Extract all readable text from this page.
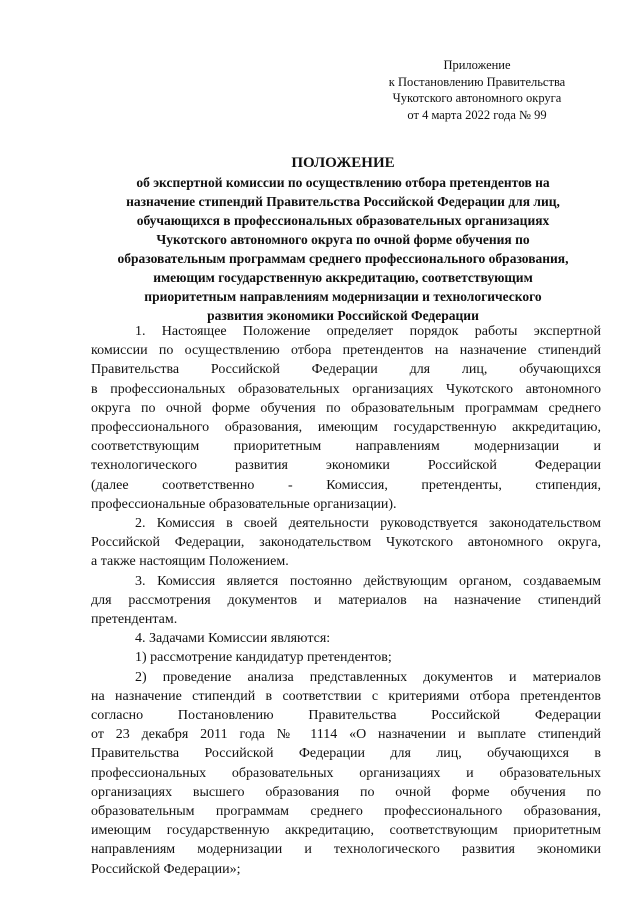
Приложение
к Постановлению Правительства
Чукотского автономного округа
от 4 марта 2022 года № 99
ПОЛОЖЕНИЕ
об экспертной комиссии по осуществлению отбора претендентов на
назначение стипендий Правительства Российской Федерации для лиц,
обучающихся в профессиональных образовательных организациях
Чукотского автономного округа по очной форме обучения по
образовательным программам среднего профессионального образования,
имеющим государственную аккредитацию, соответствующим
приоритетным направлениям модернизации и технологического
развития экономики Российской Федерации
1. Настоящее Положение определяет порядок работы экспертной
комиссии по осуществлению отбора претендентов на назначение стипендий
Правительства Российской Федерации для лиц, обучающихся
в профессиональных образовательных организациях Чукотского автономного
округа по очной форме обучения по образовательным программам среднего
профессионального образования, имеющим государственную аккредитацию,
соответствующим приоритетным направлениям модернизации и
технологического развития экономики Российской Федерации
(далее соответственно - Комиссия, претенденты, стипендия,
профессиональные образовательные организации).
2. Комиссия в своей деятельности руководствуется законодательством
Российской Федерации, законодательством Чукотского автономного округа,
а также настоящим Положением.
3. Комиссия является постоянно действующим органом, создаваемым
для рассмотрения документов и материалов на назначение стипендий
претендентам.
4. Задачами Комиссии являются:
1) рассмотрение кандидатур претендентов;
2) проведение анализа представленных документов и материалов
на назначение стипендий в соответствии с критериями отбора претендентов
согласно Постановлению Правительства Российской Федерации
от 23 декабря 2011 года № 1114 «О назначении и выплате стипендий
Правительства Российской Федерации для лиц, обучающихся в
профессиональных образовательных организациях и образовательных
организациях высшего образования по очной форме обучения по
образовательным программам среднего профессионального образования,
имеющим государственную аккредитацию, соответствующим приоритетным
направлениям модернизации и технологического развития экономики
Российской Федерации»;
